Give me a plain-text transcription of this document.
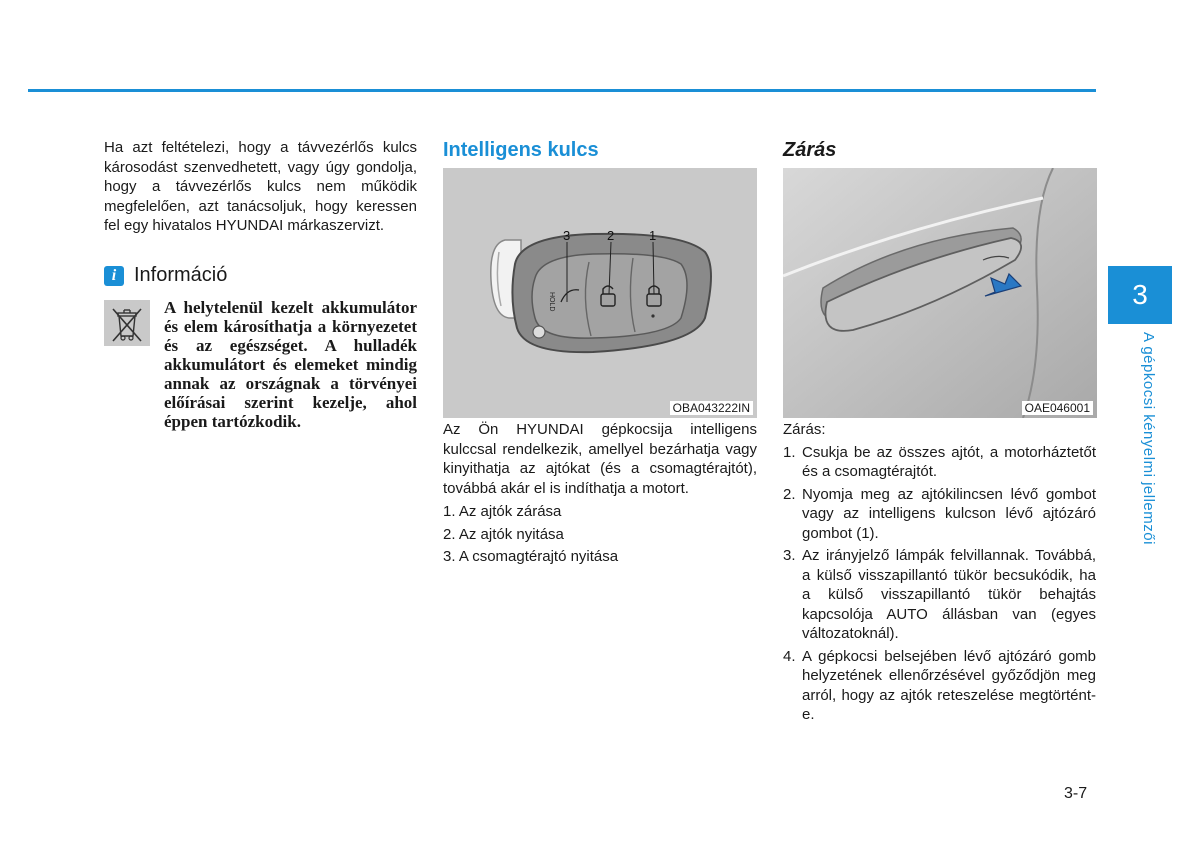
Ha azt feltételezi, hogy a távvezérlős kulcs károsodást szenvedhetett, vagy úgy gondolja, hogy a távvezérlős kulcs nem működik megfelelően, azt tanácsoljuk, hogy keressen fel egy hivatalos HYUNDAI márkaszervizt.

i Információ

A helytelenül kezelt akkumulátor és elem károsíthatja a környezetet és az egészséget. A hulladék akkumulátort és elemeket mindig annak az országnak a törvényei előírásai szerint kezelje, ahol éppen tartózkodik.

Intelligens kulcs
HOLD
3	2	1
OBA043222IN

Az Ön HYUNDAI gépkocsija intelligens kulccsal rendelkezik, amellyel bezárhatja vagy kinyithatja az ajtókat (és a csomagtérajtót), továbbá akár el is indíthatja a motort.

1. Az ajtók zárása
2. Az ajtók nyitása
3. A csomagtérajtó nyitása
Zárás
OAE046001

Zárás:

1. Csukja be az összes ajtót, a motorháztetőt és a csomagtérajtót.
2. Nyomja meg az ajtókilincsen lévő gombot vagy az intelligens kulcson lévő ajtózáró gombot (1).
3. Az irányjelző lámpák felvillannak. Továbbá, a külső visszapillantó tükör becsukódik, ha a külső visszapillantó tükör behajtás kapcsolója AUTO állásban van (egyes változatoknál).
4. A gépkocsi belsejében lévő ajtózáró gomb helyzetének ellenőrzésével győződjön meg arról, hogy az ajtók reteszelése megtörtént-e.
3
A gépkocsi kényelmi jellemzői
3-7
